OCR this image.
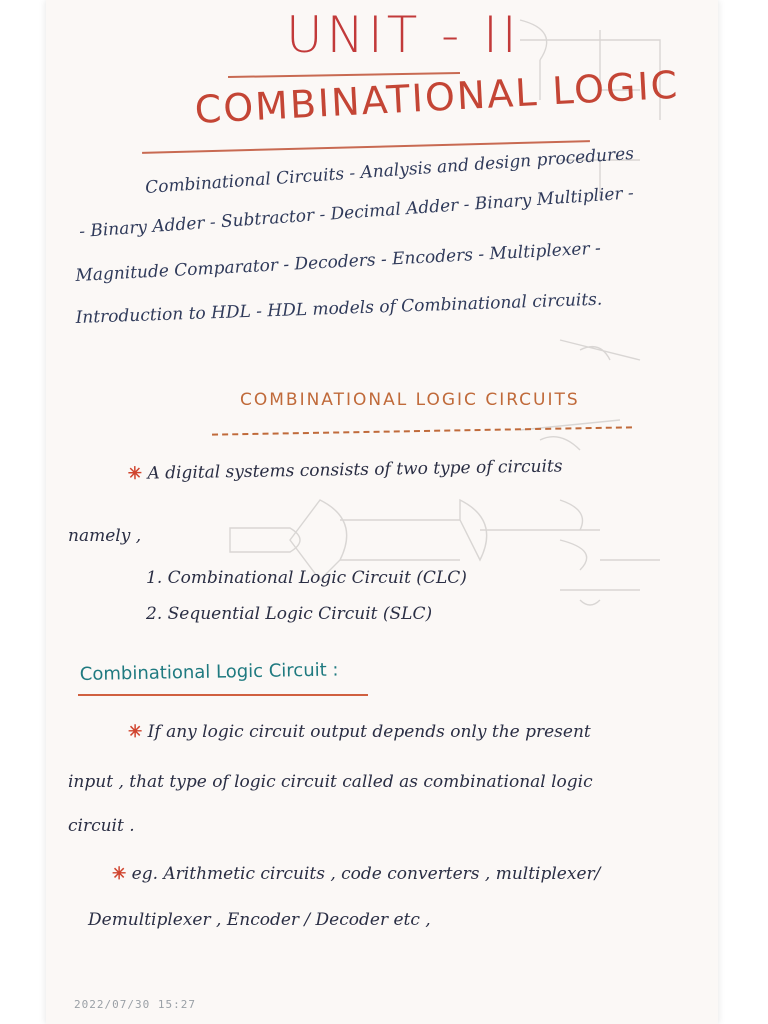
UNIT - II
COMBINATIONAL LOGIC
Combinational Circuits - Analysis and design procedures
- Binary Adder - Subtractor - Decimal Adder - Binary Multiplier -
Magnitude Comparator - Decoders - Encoders - Multiplexer -
Introduction to HDL - HDL models of Combinational circuits.
COMBINATIONAL LOGIC CIRCUITS
✳ A digital systems consists of two type of circuits
namely ,
1. Combinational Logic Circuit (CLC)
2. Sequential Logic Circuit (SLC)
Combinational Logic Circuit :
✳ If any logic circuit output depends only the present
input , that type of logic circuit called as combinational logic
circuit .
✳ eg. Arithmetic circuits , code converters , multiplexer/
Demultiplexer , Encoder / Decoder etc ,
2022/07/30 15:27
